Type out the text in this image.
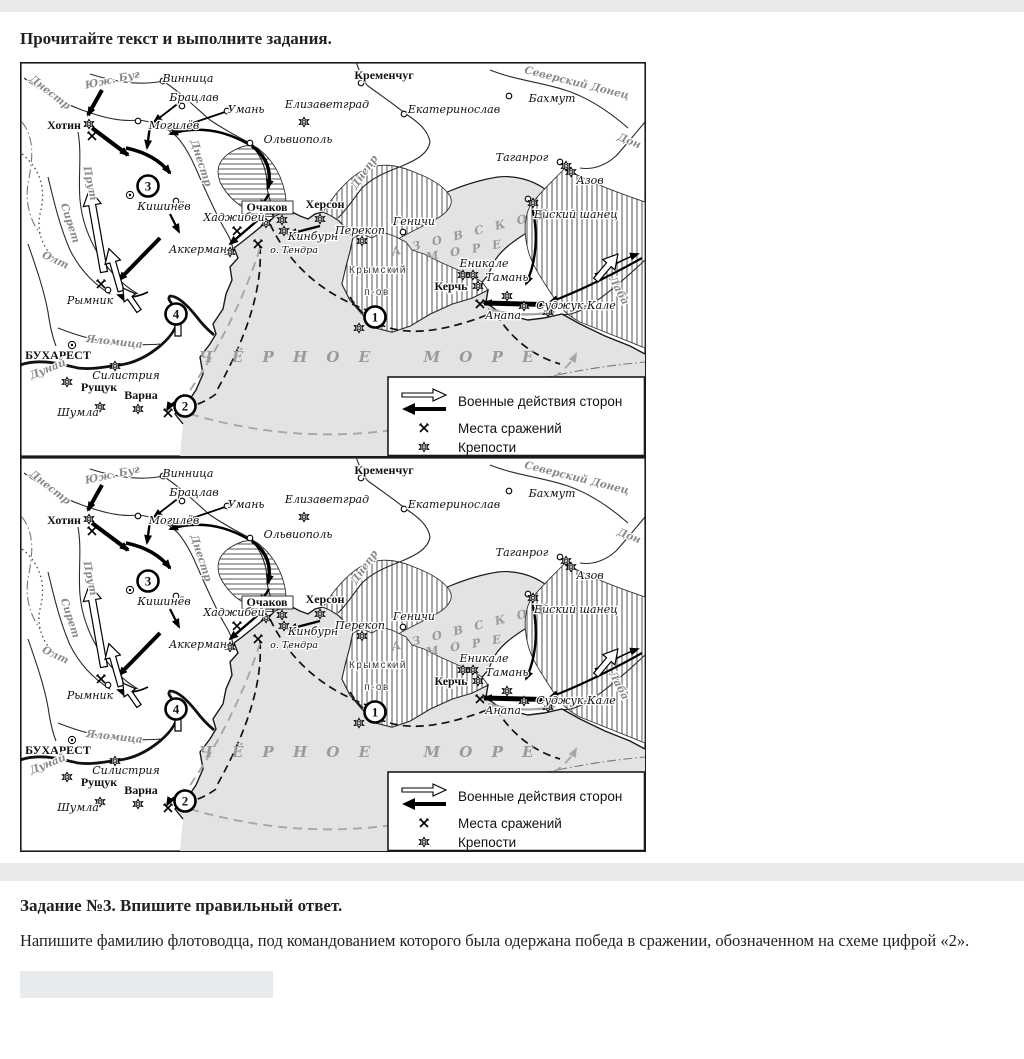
Прочитайте текст и выполните задания.
Задание №3. Впишите правильный ответ.
Напишите фамилию флотоводца, под командованием которого была одержана победа в сражении, обозначенном на схеме цифрой «2».
